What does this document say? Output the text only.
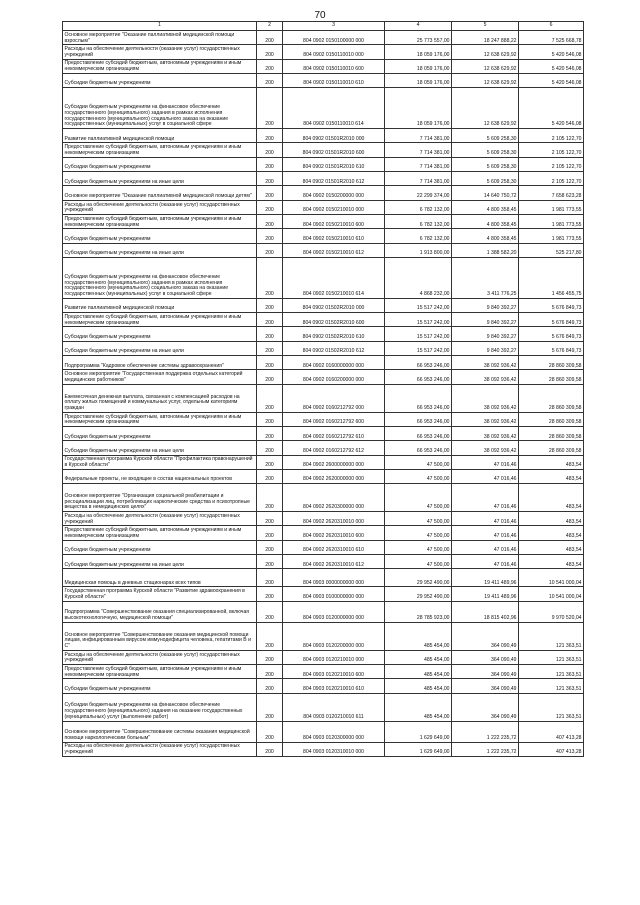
70
1	2	3	4	5	6
Основное мероприятие "Оказание паллиативной медицинской помощи взрослым"	200	804 0902 0150100000 000	25 773 557,00	18 247 888,22	7 525 668,78
Расходы на обеспечение деятельности (оказание услуг) государственных учреждений	200	804 0902 0150110010 000	18 059 176,00	12 638 629,92	5 420 546,08
Предоставление субсидий бюджетным, автономным учреждениям и иным некоммерческим организациям	200	804 0902 0150110010 600	18 059 176,00	12 638 629,92	5 420 546,08
Субсидии бюджетным учреждениям	200	804 0902 0150110010 610	18 059 176,00	12 638 629,92	5 420 546,08
Субсидии бюджетным учреждениям на финансовое обеспечение государственного (муниципального) задания в рамках исполнения государственного (муниципального) социального заказа на оказание государственных (муниципальных) услуг в социальной сфере	200	804 0902 0150110010 614	18 059 176,00	12 638 629,92	5 420 546,08
Развитие паллиативной медицинской помощи	200	804 0902 01501R2010 000	7 714 381,00	5 609 258,30	2 105 122,70
Предоставление субсидий бюджетным, автономным учреждениям и иным некоммерческим организациям	200	804 0902 01501R2010 600	7 714 381,00	5 609 258,30	2 105 122,70
Субсидии бюджетным учреждениям	200	804 0902 01501R2010 610	7 714 381,00	5 609 258,30	2 105 122,70
Субсидии бюджетным учреждениям на иные цели	200	804 0902 01501R2010 612	7 714 381,00	5 609 258,30	2 105 122,70
Основное мероприятие "Оказание паллиативной медицинской помощи детям"	200	804 0902 0150200000 000	22 299 374,00	14 640 750,72	7 658 623,28
Расходы на обеспечение деятельности (оказание услуг) государственных учреждений	200	804 0902 0150210010 000	6 782 132,00	4 800 358,45	1 981 773,55
Предоставление субсидий бюджетным, автономным учреждениям и иным некоммерческим организациям	200	804 0902 0150210010 600	6 782 132,00	4 800 358,45	1 981 773,55
Субсидии бюджетным учреждениям	200	804 0902 0150210010 610	6 782 132,00	4 800 358,45	1 981 773,55
Субсидии бюджетным учреждениям на иные цели	200	804 0902 0150210010 612	1 913 800,00	1 388 582,20	525 217,80
Субсидии бюджетным учреждениям на финансовое обеспечение государственного (муниципального) задания в рамках исполнения государственного (муниципального) социального заказа на оказание государственных (муниципальных) услуг в социальной сфере	200	804 0902 0150210010 614	4 868 232,00	3 411 776,25	1 456 455,75
Развитие паллиативной медицинской помощи	200	804 0902 01502R2010 000	15 517 242,00	9 840 392,27	5 676 849,73
Предоставление субсидий бюджетным, автономным учреждениям и иным некоммерческим организациям	200	804 0902 01502R2010 600	15 517 242,00	9 840 392,27	5 676 849,73
Субсидии бюджетным учреждениям	200	804 0902 01502R2010 610	15 517 242,00	9 840 392,27	5 676 849,73
Субсидии бюджетным учреждениям на иные цели	200	804 0902 01502R2010 612	15 517 242,00	9 840 392,27	5 676 849,73
Подпрограмма "Кадровое обеспечение системы здравоохранения"	200	804 0902 0160000000 000	66 953 246,00	38 092 936,42	28 860 309,58
Основное мероприятие "Государственная поддержка отдельных категорий медицинских работников"	200	804 0902 0160200000 000	66 953 246,00	38 092 936,42	28 860 309,58
Ежемесячная денежная выплата, связанная с компенсацией расходов на оплату жилых помещений и коммунальных услуг, отдельным категориям граждан	200	804 0902 0160212792 000	66 953 246,00	38 092 936,42	28 860 309,58
Предоставление субсидий бюджетным, автономным учреждениям и иным некоммерческим организациям	200	804 0902 0160212792 600	66 953 246,00	38 092 936,42	28 860 309,58
Субсидии бюджетным учреждениям	200	804 0902 0160212792 610	66 953 246,00	38 092 936,42	28 860 309,58
Субсидии бюджетным учреждениям на иные цели	200	804 0902 0160212792 612	66 953 246,00	38 092 936,42	28 860 309,58
Государственная программа Курской области "Профилактика правонарушений в Курской области"	200	804 0902 2600000000 000	47 500,00	47 016,46	483,54
Федеральные проекты, не входящие в состав национальных проектов	200	804 0902 2620000000 000	47 500,00	47 016,46	483,54
Основное мероприятие "Организация социальной реабилитации и ресоциализации лиц, потребляющих наркотические средства и психотропные вещества в немедицинских целях"	200	804 0902 2620300000 000	47 500,00	47 016,46	483,54
Расходы на обеспечение деятельности (оказание услуг) государственных учреждений	200	804 0902 2620310010 000	47 500,00	47 016,46	483,54
Предоставление субсидий бюджетным, автономным учреждениям и иным некоммерческим организациям	200	804 0902 2620310010 600	47 500,00	47 016,46	483,54
Субсидии бюджетным учреждениям	200	804 0902 2620310010 610	47 500,00	47 016,46	483,54
Субсидии бюджетным учреждениям на иные цели	200	804 0902 2620310010 612	47 500,00	47 016,46	483,54
Медицинская помощь в дневных стационарах всех типов	200	804 0903 0000000000 000	29 952 490,00	19 411 489,96	10 541 000,04
Государственная программа Курской области "Развитие здравоохранения в Курской области"	200	804 0903 0100000000 000	29 952 490,00	19 411 489,96	10 541 000,04
Подпрограмма "Совершенствование оказания специализированной, включая высокотехнологичную, медицинской помощи"	200	804 0903 0120000000 000	28 785 923,00	18 815 402,96	9 970 520,04
Основное мероприятие "Совершенствование оказания медицинской помощи лицам, инфицированным вирусом иммунодефицита человека, гепатитами B и C"	200	804 0903 0120200000 000	485 454,00	364 090,49	121 363,51
Расходы на обеспечение деятельности (оказание услуг) государственных учреждений	200	804 0903 0120210010 000	485 454,00	364 090,49	121 363,51
Предоставление субсидий бюджетным, автономным учреждениям и иным некоммерческим организациям	200	804 0903 0120210010 600	485 454,00	364 090,49	121 363,51
Субсидии бюджетным учреждениям	200	804 0903 0120210010 610	485 454,00	364 090,49	121 363,51
Субсидии бюджетным учреждениям на финансовое обеспечение государственного (муниципального) задания на оказание государственных (муниципальных) услуг (выполнение работ)	200	804 0903 0120210010 611	485 454,00	364 090,49	121 363,51
Основное мероприятие "Совершенствование системы оказания медицинской помощи наркологическим больным"	200	804 0903 0120300000 000	1 629 649,00	1 222 235,72	407 413,28
Расходы на обеспечение деятельности (оказание услуг) государственных учреждений	200	804 0903 0120310010 000	1 629 649,00	1 222 235,72	407 413,28
